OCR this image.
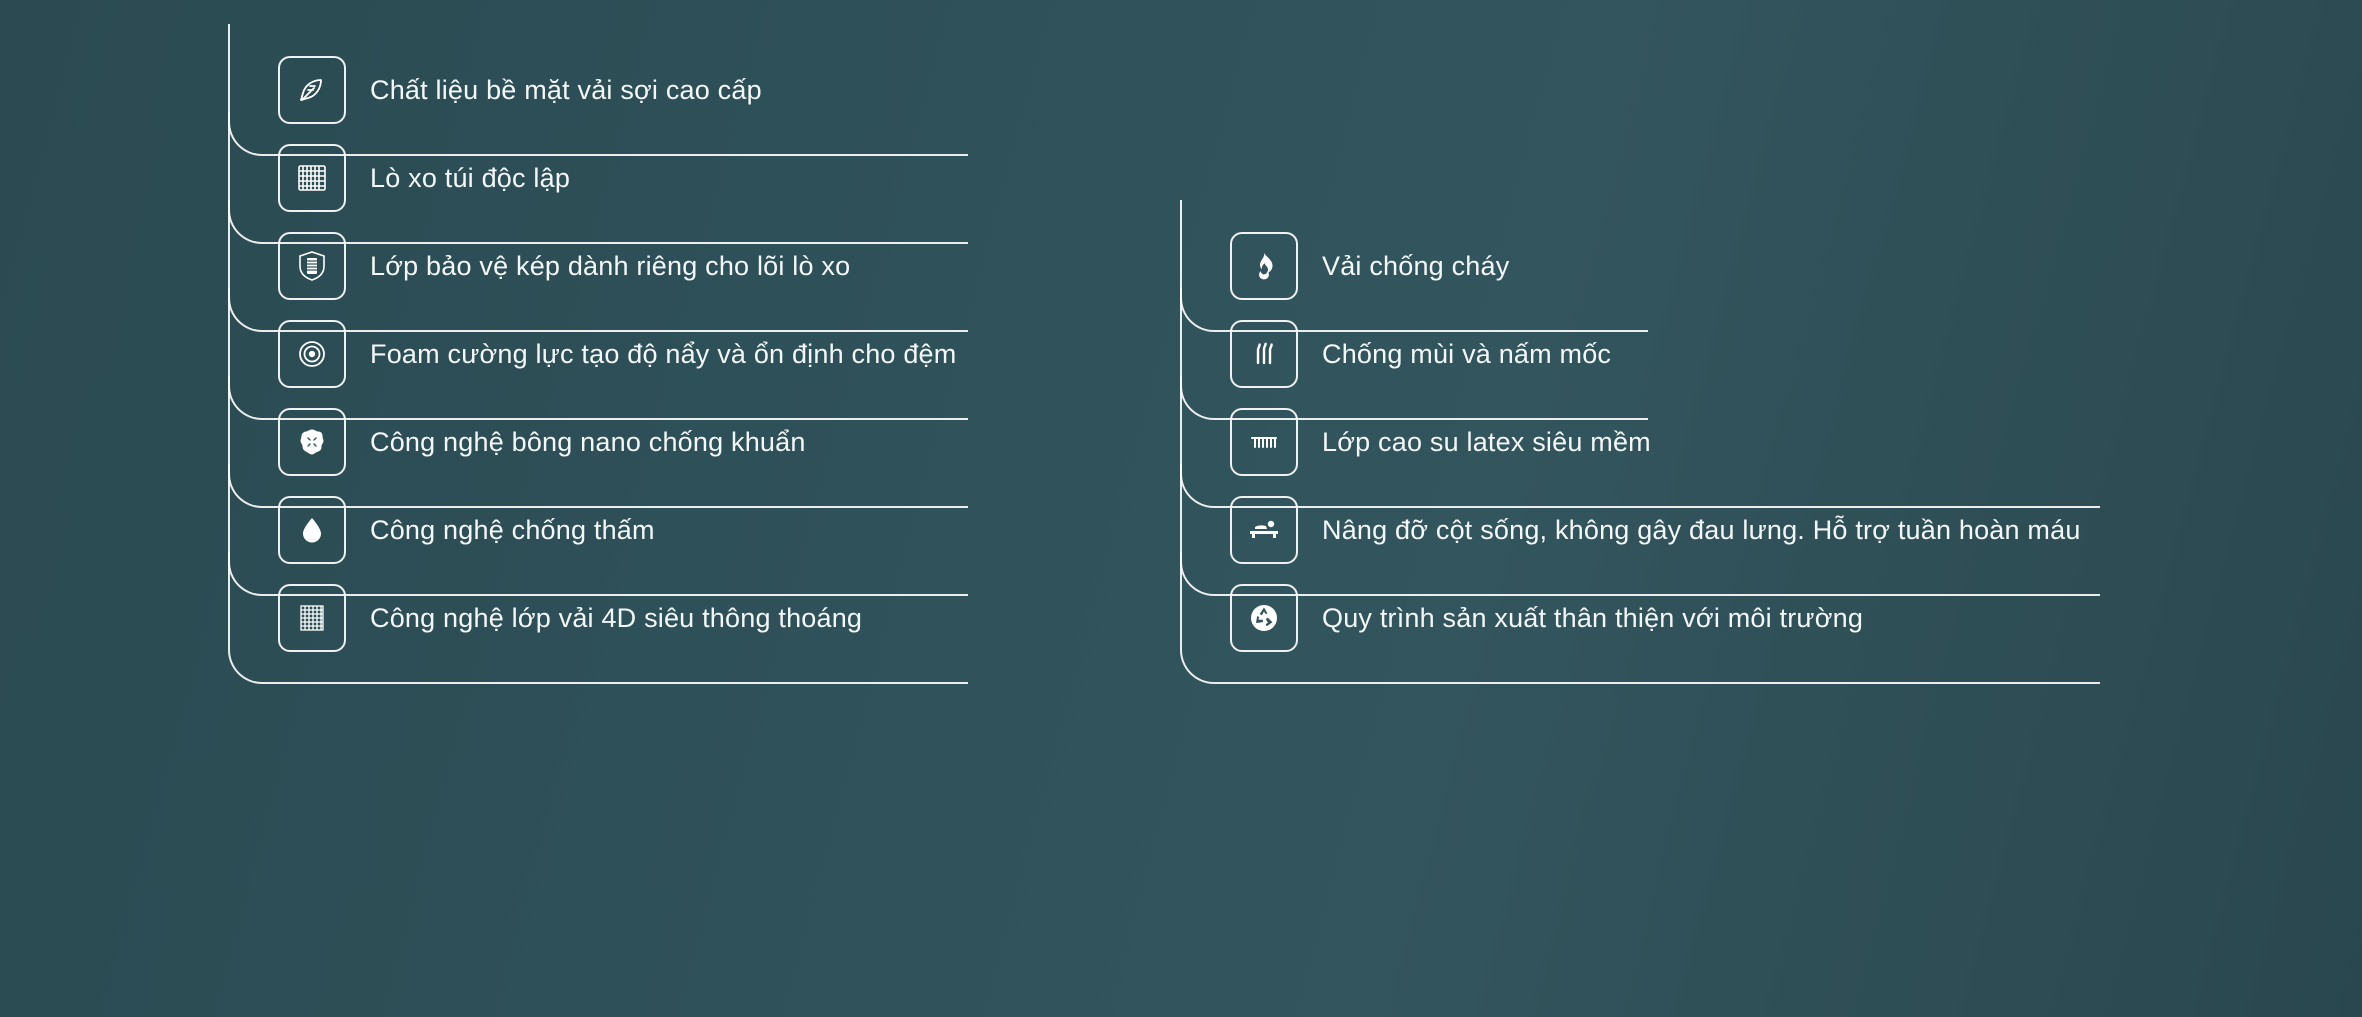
Chất liệu bề mặt vải sợi cao cấp
Lò xo túi độc lập
Lớp bảo vệ kép dành riêng cho lõi lò xo
Foam cường lực tạo độ nẩy và ổn định cho đệm
Công nghệ bông nano chống khuẩn
Công nghệ chống thấm
Công nghệ lớp vải 4D siêu thông thoáng
Vải chống cháy
Chống mùi và nấm mốc
Lớp cao su latex siêu mềm
Nâng đỡ cột sống, không gây đau lưng. Hỗ trợ tuần hoàn máu
Quy trình sản xuất thân thiện với môi trường
